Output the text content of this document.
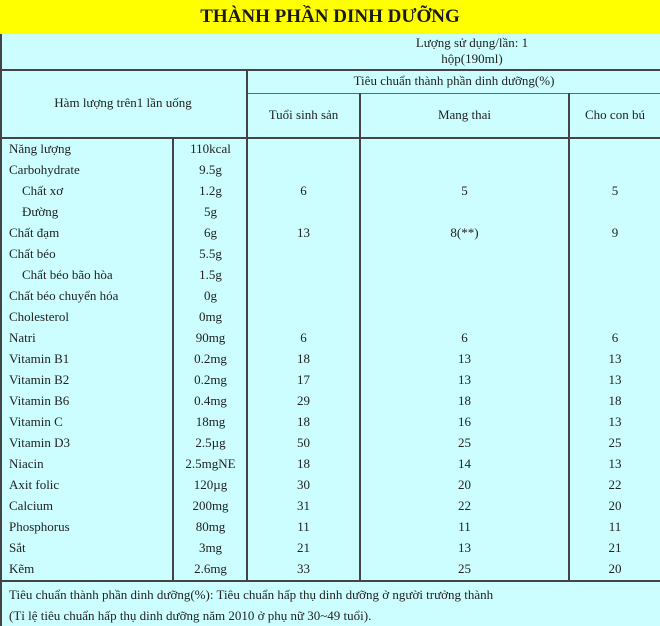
THÀNH PHẦN DINH DƯỠNG
Lượng sử dụng/lần: 1
hộp(190ml)
Hàm lượng trên1 lần uống
Tiêu chuẩn thành phần dinh dưỡng(%)
Tuổi sinh sản	Mang thai	Cho con bú
Năng lượng	110kcal
Carbohydrate	9.5g
Chất xơ	1.2g	6	5	5
Đường	5g
Chất đạm	6g	13	8(**)	9
Chất béo	5.5g
Chất béo bão hòa	1.5g
Chất béo chuyển hóa	0g
Cholesterol	0mg
Natri	90mg	6	6	6
Vitamin B1	0.2mg	18	13	13
Vitamin B2	0.2mg	17	13	13
Vitamin B6	0.4mg	29	18	18
Vitamin C	18mg	18	16	13
Vitamin D3	2.5µg	50	25	25
Niacin	2.5mgNE	18	14	13
Axit folic	120µg	30	20	22
Calcium	200mg	31	22	20
Phosphorus	80mg	11	11	11
Sắt	3mg	21	13	21
Kẽm	2.6mg	33	25	20
Tiêu chuẩn thành phần dinh dưỡng(%): Tiêu chuẩn hấp thụ dinh dưỡng ở người trưởng thành
(Tỉ lệ tiêu chuẩn hấp thụ dinh dưỡng năm 2010 ở phụ nữ 30~49 tuổi).
